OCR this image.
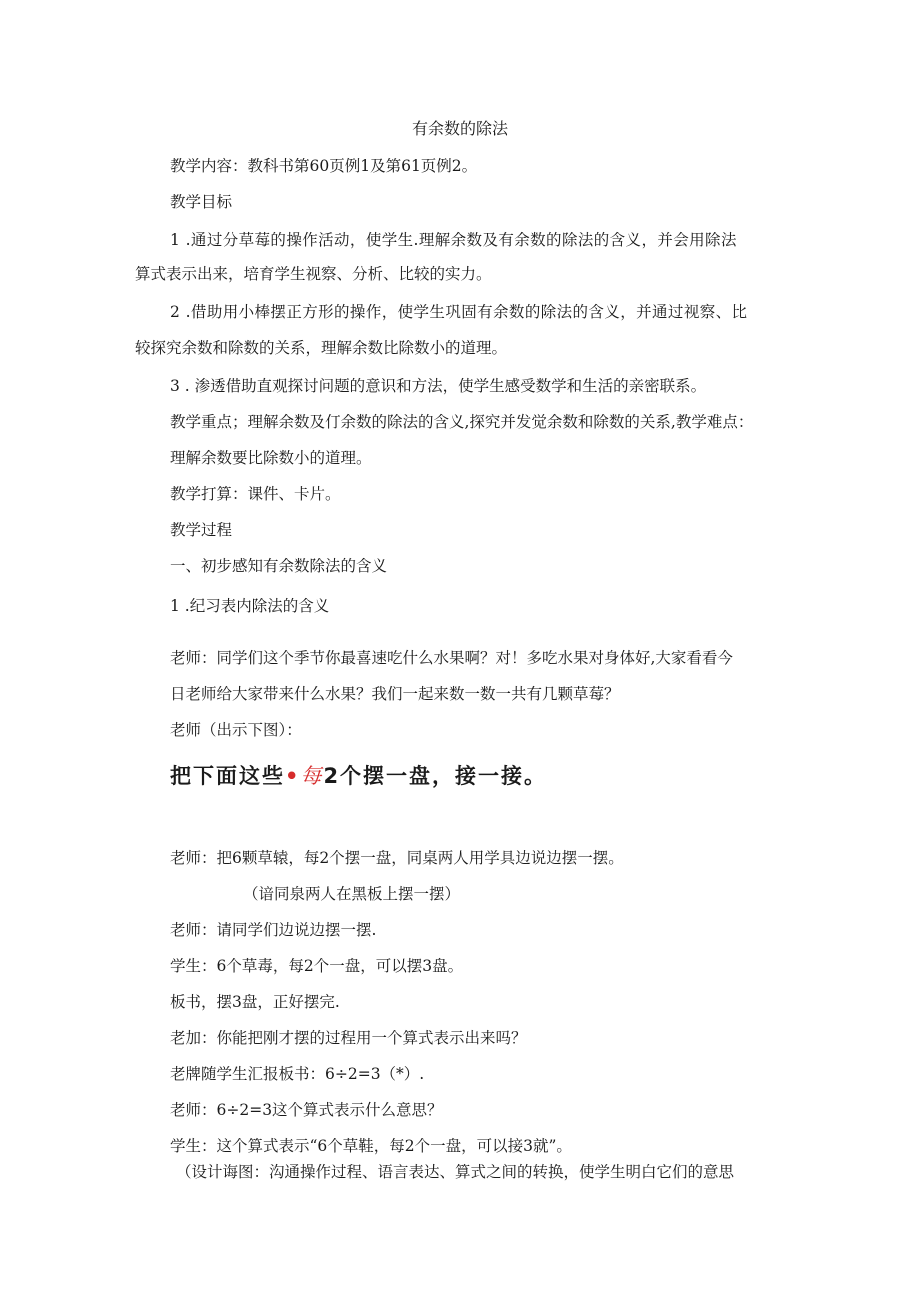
有余数的除法
教学内容：教科书第60页例1及第61页例2。
教学目标
1 .通过分草莓的操作活动，使学生.理解余数及有余数的除法的含义，并会用除法
算式表示出来，培育学生视察、分析、比较的实力。
2 .借助用小棒摆正方形的操作，使学生巩固有余数的除法的含义，并通过视察、比
较探究余数和除数的关系，理解余数比除数小的道理。
3 . 渗透借助直观探讨问题的意识和方法，使学生感受数学和生活的亲密联系。
教学重点；理解余数及仃余数的除法的含义,探究并发觉余数和除数的关系,教学难点：
理解余数要比除数小的道理。
教学打算：课件、卡片。
教学过程
一、初步感知有余数除法的含义
1 .纪习表内除法的含义
老师：同学们这个季节你最喜速吃什么水果啊？对！多吃水果对身体好,大家看看今
日老师给大家带来什么水果？我们一起来数一数一共有几颗草莓？
老师（出示下图）：
把下面这些•每2个摆一盘，接一接。
老师：把6颗草辕，每2个摆一盘，同桌两人用学具边说边摆一摆。
（谙同泉两人在黑板上摆一摆）
老师：请同学们边说边摆一摆.
学生：6个草毒，每2个一盘，可以摆3盘。
板书，摆3盘，正好摆完.
老加：你能把刚才摆的过程用一个算式表示出来吗？
老牌随学生汇报板书：6÷2=3（*）.
老师：6÷2=3这个算式表示什么意思？
学生：这个算式表示“6个草鞋，每2个一盘，可以接3就”。
（设计诲图：沟通操作过程、语言表达、算式之间的转换，使学生明白它们的意思
